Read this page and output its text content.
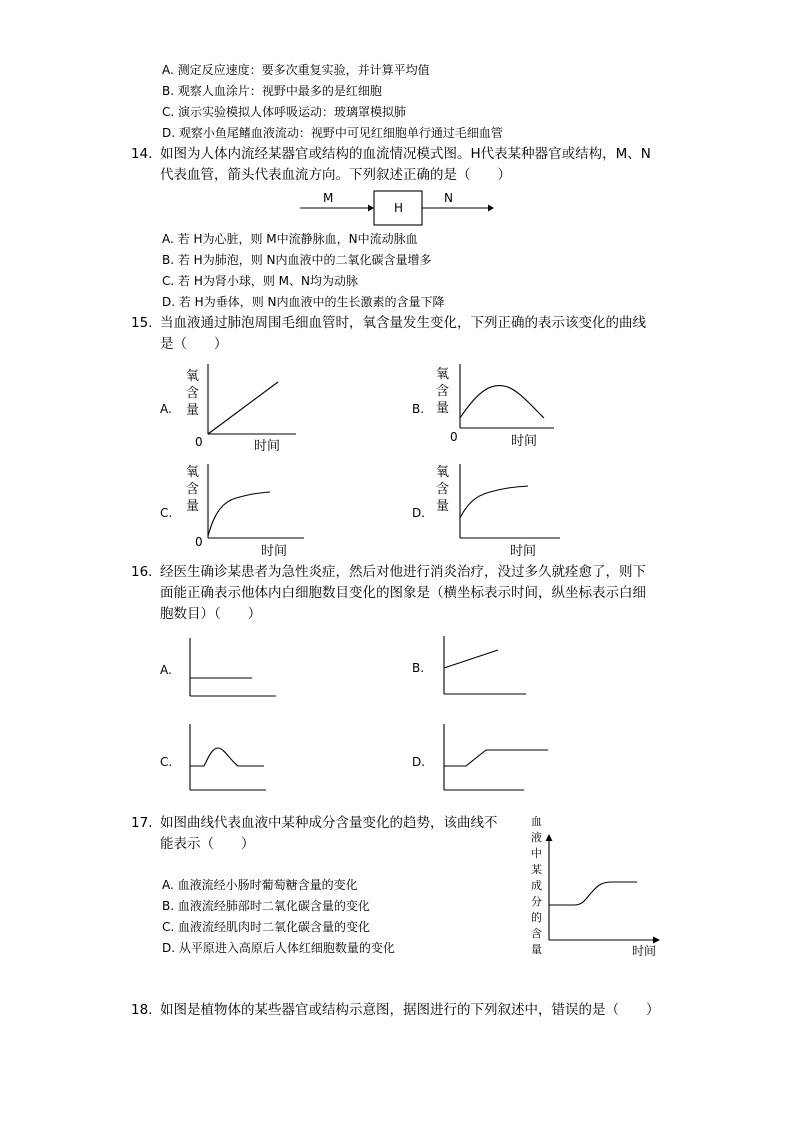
A. 测定反应速度：要多次重复实验，并计算平均值
B. 观察人血涂片：视野中最多的是红细胞
C. 演示实验模拟人体呼吸运动：玻璃罩模拟肺
D. 观察小鱼尾鳍血液流动：视野中可见红细胞单行通过毛细血管
14. 如图为人体内流经某器官或结构的血流情况模式图。H代表某种器官或结构，M、N
代表血管，箭头代表血流方向。下列叙述正确的是（　　）
M
H
N
A. 若 H为心脏，则 M中流静脉血，N中流动脉血
B. 若 H为肺泡，则 N内血液中的二氧化碳含量增多
C. 若 H为肾小球，则 M、N均为动脉
D. 若 H为垂体，则 N内血液中的生长激素的含量下降
15. 当血液通过肺泡周围毛细血管时，氧含量发生变化，下列正确的表示该变化的曲线
是（　　）
A.
氧
含
量
0	时间
B.
氧
含
量
0	时间
C.
氧
含
量
0
时间
D.
氧
含
量
时间
16. 经医生确诊某患者为急性炎症，然后对他进行消炎治疗，没过多久就痊愈了，则下
面能正确表示他体内白细胞数目变化的图象是（横坐标表示时间，纵坐标表示白细
胞数目）（　　）
A.	B.
C.	D.
17. 如图曲线代表血液中某种成分含量变化的趋势，该曲线不
能表示（　　）
A. 血液流经小肠时葡萄糖含量的变化
B. 血液流经肺部时二氧化碳含量的变化
C. 血液流经肌肉时二氧化碳含量的变化
D. 从平原进入高原后人体红细胞数量的变化
血
液
中
某
成
分
的
含
量	时间
18. 如图是植物体的某些器官或结构示意图，据图进行的下列叙述中，错误的是（　　）
